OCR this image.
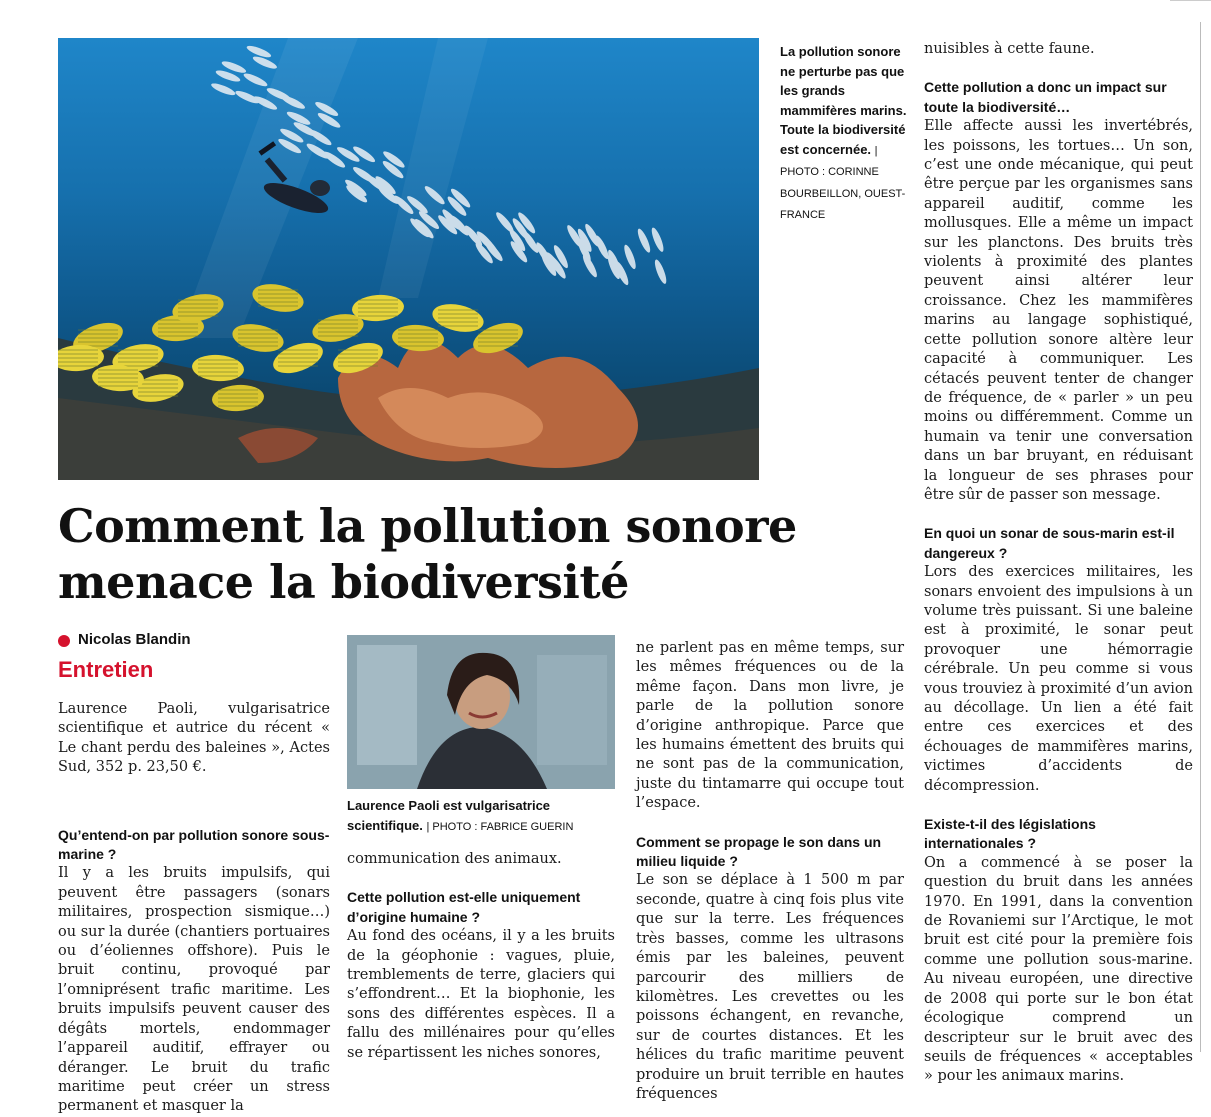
La pollution sonore ne perturbe pas que les grands mammifères marins. Toute la biodiversité est concernée. | PHOTO : CORINNE BOURBEILLON, OUEST-FRANCE
Comment la pollution sonore
menace la biodiversité
Nicolas Blandin
Entretien

Laurence Paoli, vulgarisatrice scientifique et autrice du récent « Le chant perdu des baleines », Actes Sud, 352 p. 23,50 €.

Qu’entend-on par pollution sonore sous-marine ?

Il y a les bruits impulsifs, qui peuvent être passagers (sonars militaires, prospection sismique…) ou sur la durée (chantiers portuaires ou d’éoliennes offshore). Puis le bruit continu, provoqué par l’omniprésent trafic maritime. Les bruits impulsifs peuvent causer des dégâts mortels, endommager l’appareil auditif, effrayer ou déranger. Le bruit du trafic maritime peut créer un stress permanent et masquer la

Laurence Paoli est vulgarisatrice scientifique. | PHOTO : FABRICE GUERIN

communication des animaux.

Cette pollution est-elle uniquement d’origine humaine ?

Au fond des océans, il y a les bruits de la géophonie : vagues, pluie, tremblements de terre, glaciers qui s’effondrent… Et la biophonie, les sons des différentes espèces. Il a fallu des millénaires pour qu’elles se répartissent les niches sonores,

ne parlent pas en même temps, sur les mêmes fréquences ou de la même façon. Dans mon livre, je parle de la pollution sonore d’origine anthropique. Parce que les humains émettent des bruits qui ne sont pas de la communication, juste du tintamarre qui occupe tout l’espace.

Comment se propage le son dans un milieu liquide ?

Le son se déplace à 1 500 m par seconde, quatre à cinq fois plus vite que sur la terre. Les fréquences très basses, comme les ultrasons émis par les baleines, peuvent parcourir des milliers de kilomètres. Les crevettes ou les poissons échangent, en revanche, sur de courtes distances. Et les hélices du trafic maritime peuvent produire un bruit terrible en hautes fréquences

nuisibles à cette faune.

Cette pollution a donc un impact sur toute la biodiversité…

Elle affecte aussi les invertébrés, les poissons, les tortues… Un son, c’est une onde mécanique, qui peut être perçue par les organismes sans appareil auditif, comme les mollusques. Elle a même un impact sur les planctons. Des bruits très violents à proximité des plantes peuvent ainsi altérer leur croissance. Chez les mammifères marins au langage sophistiqué, cette pollution sonore altère leur capacité à communiquer. Les cétacés peuvent tenter de changer de fréquence, de « parler » un peu moins ou différemment. Comme un humain va tenir une conversation dans un bar bruyant, en réduisant la longueur de ses phrases pour être sûr de passer son message.

En quoi un sonar de sous-marin est-il dangereux ?

Lors des exercices militaires, les sonars envoient des impulsions à un volume très puissant. Si une baleine est à proximité, le sonar peut provoquer une hémorragie cérébrale. Un peu comme si vous vous trouviez à proximité d’un avion au décollage. Un lien a été fait entre ces exercices et des échouages de mammifères marins, victimes d’accidents de décompression.

Existe-t-il des législations internationales ?

On a commencé à se poser la question du bruit dans les années 1970. En 1991, dans la convention de Rovaniemi sur l’Arctique, le mot bruit est cité pour la première fois comme une pollution sous-marine. Au niveau européen, une directive de 2008 qui porte sur le bon état écologique comprend un descripteur sur le bruit avec des seuils de fréquences « acceptables » pour les animaux marins.
